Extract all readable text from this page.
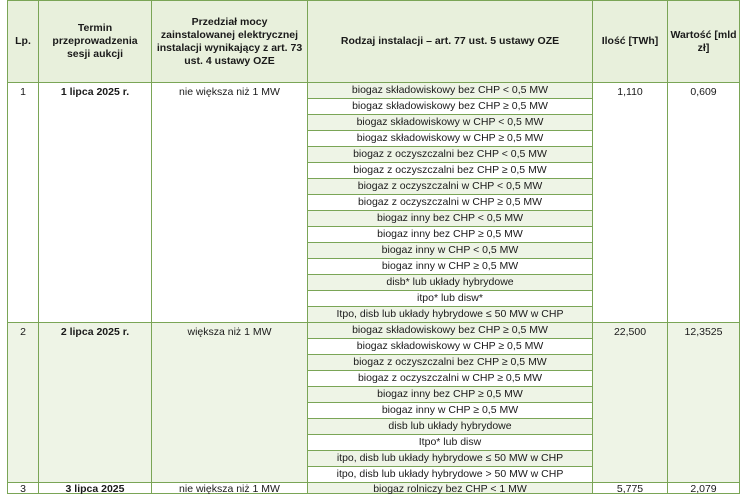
Lp.	Termin przeprowadzenia sesji aukcji	Przedział mocy zainstalowanej elektrycznej instalacji wynikający z art. 73 ust. 4 ustawy OZE	Rodzaj instalacji – art. 77 ust. 5 ustawy OZE	Ilość [TWh]	Wartość [mld zł]
1	1 lipca 2025 r.	nie większa niż 1 MW	biogaz składowiskowy bez CHP < 0,5 MW	1,110	0,609
			biogaz składowiskowy bez CHP ≥ 0,5 MW		
			biogaz składowiskowy w CHP < 0,5 MW		
			biogaz składowiskowy w CHP ≥ 0,5 MW		
			biogaz z oczyszczalni bez CHP < 0,5 MW		
			biogaz z oczyszczalni bez CHP ≥ 0,5 MW		
			biogaz z oczyszczalni w CHP < 0,5 MW		
			biogaz z oczyszczalni w CHP ≥ 0,5 MW		
			biogaz inny bez CHP < 0,5 MW		
			biogaz inny bez CHP ≥ 0,5 MW		
			biogaz inny w CHP < 0,5 MW		
			biogaz inny w CHP ≥ 0,5 MW		
			disb* lub układy hybrydowe		
			itpo* lub disw*		
			Itpo, disb lub układy hybrydowe ≤ 50 MW w CHP		
2	2 lipca 2025 r.	większa niż 1 MW	biogaz składowiskowy bez CHP ≥ 0,5 MW	22,500	12,3525
			biogaz składowiskowy w CHP ≥ 0,5 MW		
			biogaz z oczyszczalni bez CHP ≥ 0,5 MW		
			biogaz z oczyszczalni w CHP ≥ 0,5 MW		
			biogaz inny bez CHP ≥ 0,5 MW		
			biogaz inny w CHP ≥ 0,5 MW		
			disb lub układy hybrydowe		
			Itpo* lub disw		
			itpo, disb lub układy hybrydowe ≤ 50 MW w CHP		
			itpo, disb lub układy hybrydowe > 50 MW w CHP		
3	3 lipca 2025	nie większa niż 1 MW	biogaz rolniczy bez CHP < 1 MW	5,775	2,079
